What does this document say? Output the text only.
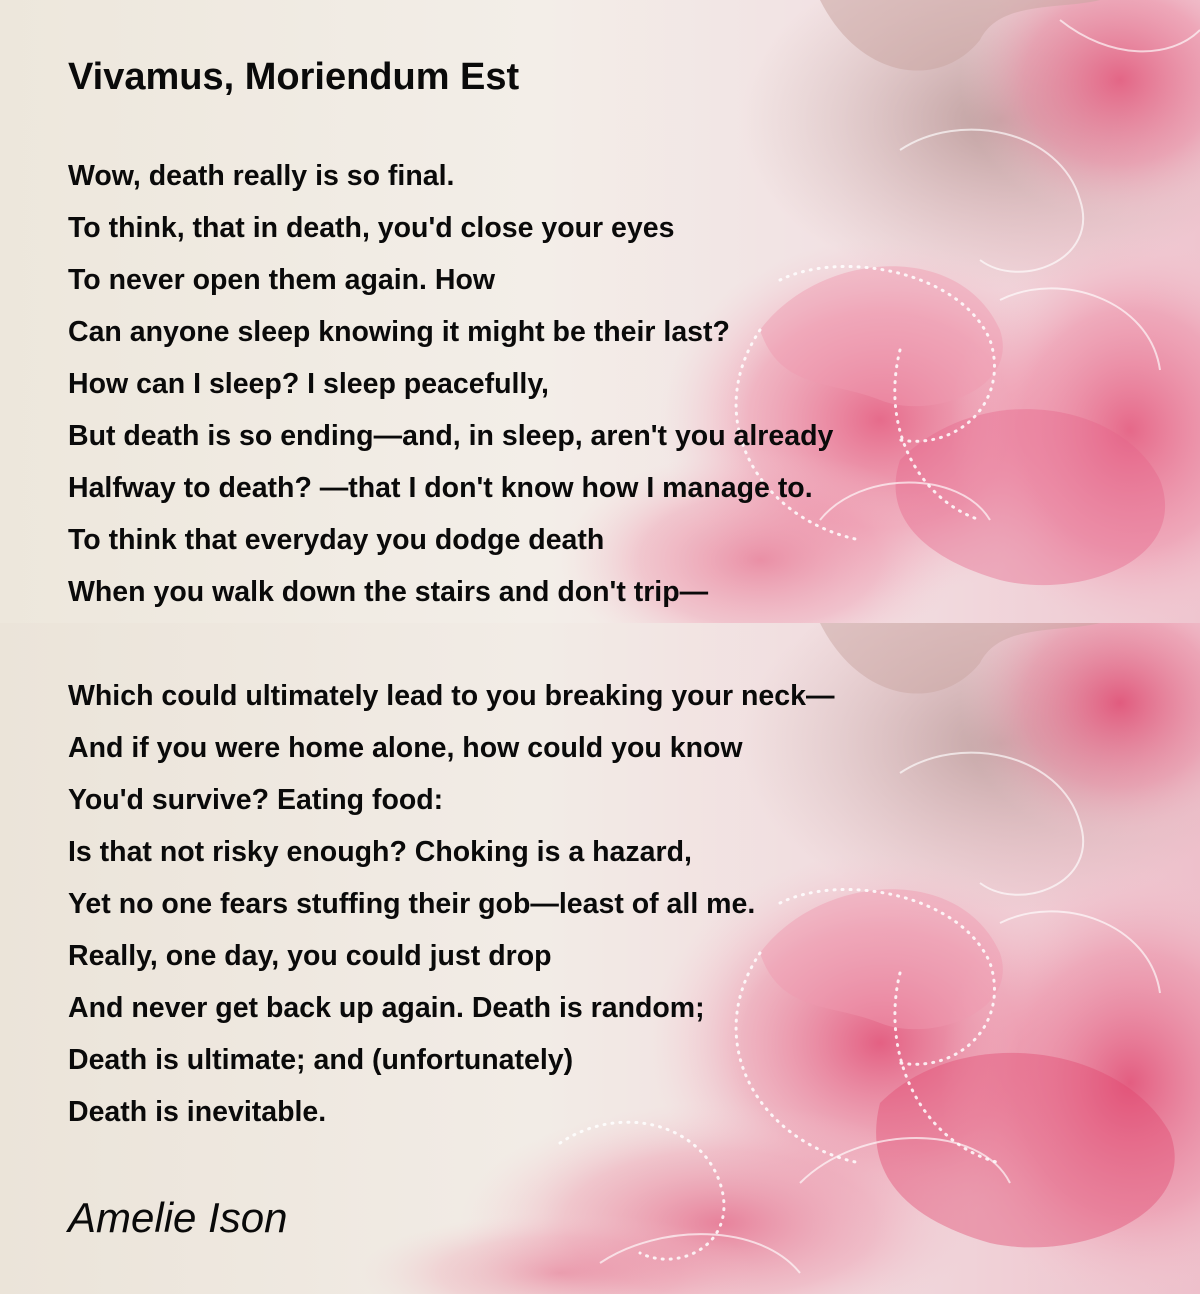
Vivamus, Moriendum Est
Wow, death really is so final.
To think, that in death, you'd close your eyes
To never open them again. How
Can anyone sleep knowing it might be their last?
How can I sleep? I sleep peacefully,
But death is so ending—and, in sleep, aren't you already
Halfway to death? —that I don't know how I manage to.
To think that everyday you dodge death
When you walk down the stairs and don't trip—
Which could ultimately lead to you breaking your neck—
And if you were home alone, how could you know
You'd survive? Eating food:
Is that not risky enough? Choking is a hazard,
Yet no one fears stuffing their gob—least of all me.
Really, one day, you could just drop
And never get back up again. Death is random;
Death is ultimate; and (unfortunately)
Death is inevitable.
Amelie Ison
